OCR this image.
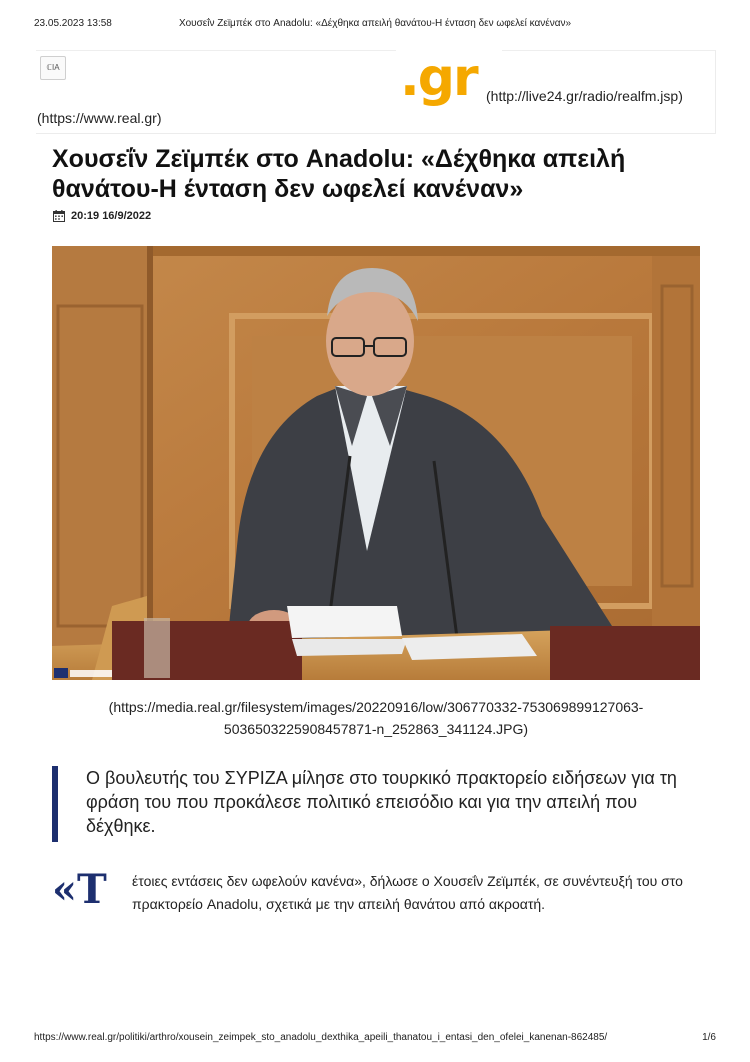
23.05.2023 13:58	Χουσεΐν Ζεϊμπέκ στο Anadolu: «Δέχθηκα απειλή θανάτου-Η ένταση δεν ωφελεί κανέναν»
ℂΙΑ	.gr (http://live24.gr/radio/realfm.jsp)
(https://www.real.gr)
Χουσεΐν Ζεϊμπέκ στο Anadolu: «Δέχθηκα απειλή θανάτου-Η ένταση δεν ωφελεί κανέναν»
20:19 16/9/2022
(https://media.real.gr/filesystem/images/20220916/low/306770332-753069899127063-5036503225908457871-n_252863_341124.JPG)
Ο βουλευτής του ΣΥΡΙΖΑ μίλησε στο τουρκικό πρακτορείο ειδήσεων για τη φράση του που προκάλεσε πολιτικό επεισόδιο και για την απειλή που δέχθηκε.
«Τ έτοιες εντάσεις δεν ωφελούν κανένα», δήλωσε ο Χουσεΐν Ζεϊμπέκ, σε συνέντευξή του στο πρακτορείο Anadolu, σχετικά με την απειλή θανάτου από ακροατή.

https://www.real.gr/politiki/arthro/xousein_zeimpek_sto_anadolu_dexthika_apeili_thanatou_i_entasi_den_ofelei_kanenan-862485/	1/6
